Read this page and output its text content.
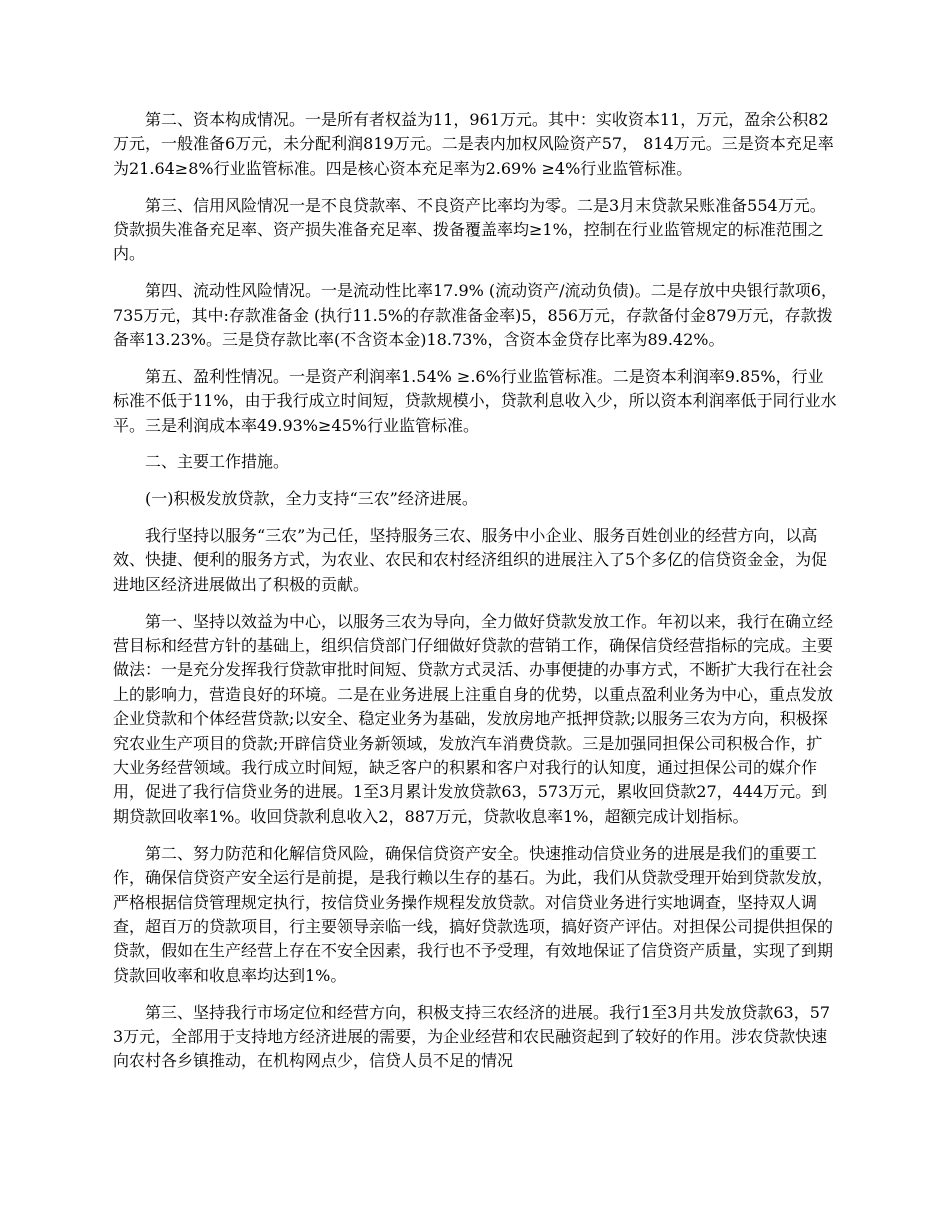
第二、资本构成情况。一是所有者权益为11，961万元。其中：实收资本11，万元，盈余公积82万元，一般准备6万元，未分配利润819万元。二是表内加权风险资产57， 814万元。三是资本充足率为21.64≥8%行业监管标准。四是核心资本充足率为2.69% ≥4%行业监管标准。

第三、信用风险情况一是不良贷款率、不良资产比率均为零。二是3月末贷款呆账准备554万元。贷款损失准备充足率、资产损失准备充足率、拨备覆盖率均≥1%，控制在行业监管规定的标准范围之内。

第四、流动性风险情况。一是流动性比率17.9% (流动资产/流动负债)。二是存放中央银行款项6，735万元，其中:存款准备金 (执行11.5%的存款准备金率)5，856万元，存款备付金879万元，存款拨备率13.23%。三是贷存款比率(不含资本金)18.73%，含资本金贷存比率为89.42%。

第五、盈利性情况。一是资产利润率1.54% ≥.6%行业监管标准。二是资本利润率9.85%，行业标准不低于11%，由于我行成立时间短，贷款规模小，贷款利息收入少，所以资本利润率低于同行业水平。三是利润成本率49.93%≥45%行业监管标准。

二、主要工作措施。

(一)积极发放贷款，全力支持“三农”经济进展。

我行坚持以服务“三农”为己任，坚持服务三农、服务中小企业、服务百姓创业的经营方向，以高效、快捷、便利的服务方式，为农业、农民和农村经济组织的进展注入了5个多亿的信贷资金金，为促进地区经济进展做出了积极的贡献。

第一、坚持以效益为中心，以服务三农为导向，全力做好贷款发放工作。年初以来，我行在确立经营目标和经营方针的基础上，组织信贷部门仔细做好贷款的营销工作，确保信贷经营指标的完成。主要做法：一是充分发挥我行贷款审批时间短、贷款方式灵活、办事便捷的办事方式，不断扩大我行在社会上的影响力，营造良好的环境。二是在业务进展上注重自身的优势，以重点盈利业务为中心，重点发放企业贷款和个体经营贷款;以安全、稳定业务为基础，发放房地产抵押贷款;以服务三农为方向，积极探究农业生产项目的贷款;开辟信贷业务新领域，发放汽车消费贷款。三是加强同担保公司积极合作，扩大业务经营领域。我行成立时间短，缺乏客户的积累和客户对我行的认知度，通过担保公司的媒介作用，促进了我行信贷业务的进展。1至3月累计发放贷款63，573万元，累收回贷款27，444万元。到期贷款回收率1%。收回贷款利息收入2，887万元，贷款收息率1%，超额完成计划指标。

第二、努力防范和化解信贷风险，确保信贷资产安全。快速推动信贷业务的进展是我们的重要工作，确保信贷资产安全运行是前提，是我行赖以生存的基石。为此，我们从贷款受理开始到贷款发放，严格根据信贷管理规定执行，按信贷业务操作规程发放贷款。对信贷业务进行实地调查，坚持双人调查，超百万的贷款项目，行主要领导亲临一线，搞好贷款选项，搞好资产评估。对担保公司提供担保的贷款，假如在生产经营上存在不安全因素，我行也不予受理，有效地保证了信贷资产质量，实现了到期贷款回收率和收息率均达到1%。

第三、坚持我行市场定位和经营方向，积极支持三农经济的进展。我行1至3月共发放贷款63，573万元，全部用于支持地方经济进展的需要，为企业经营和农民融资起到了较好的作用。涉农贷款快速向农村各乡镇推动，在机构网点少，信贷人员不足的情况
